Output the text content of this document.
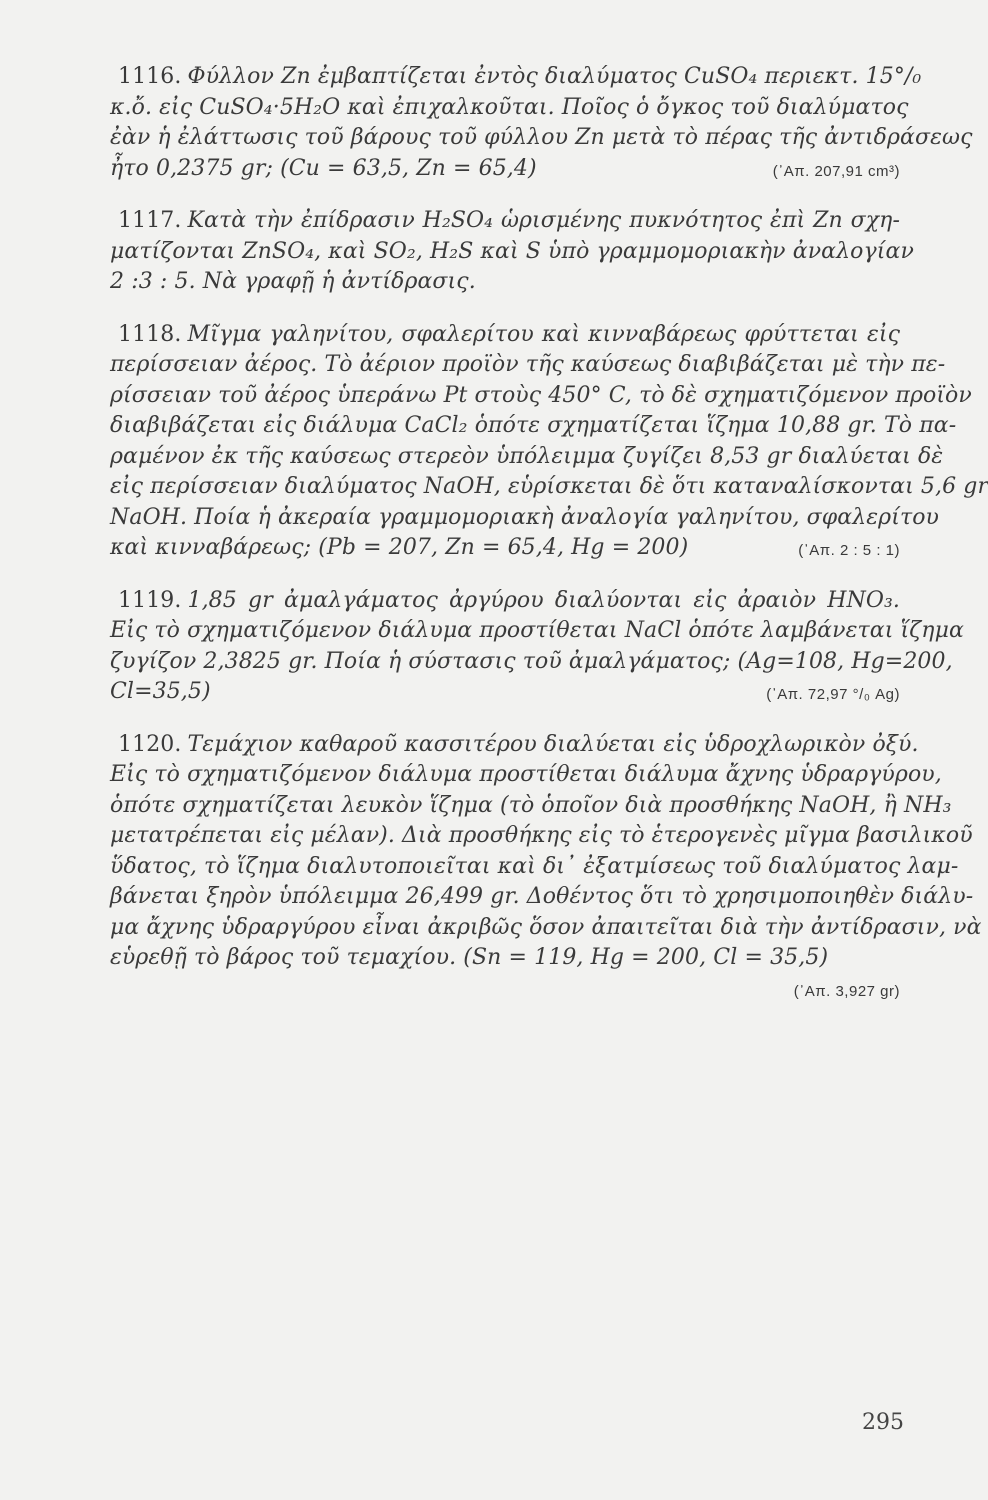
1116. Φύλλον Zn ἐμβαπτίζεται ἐντὸς διαλύματος CuSO₄ περιεκτ. 15°/₀
κ.ὄ. εἰς CuSO₄·5H₂O καὶ ἐπιχαλκοῦται. Ποῖος ὁ ὄγκος τοῦ διαλύματος
ἐὰν ἡ ἐλάττωσις τοῦ βάρους τοῦ φύλλου Zn μετὰ τὸ πέρας τῆς ἀντιδράσεως
ἦτο 0,2375 gr; (Cu = 63,5, Zn = 65,4)	(᾿Απ. 207,91 cm³)
1117. Κατὰ τὴν ἐπίδρασιν H₂SO₄ ὡρισμένης πυκνότητος ἐπὶ Zn σχη-
ματίζονται ZnSO₄, καὶ SO₂, H₂S καὶ S ὑπὸ γραμμομοριακὴν ἀναλογίαν
2 :3 : 5. Νὰ γραφῇ ἡ ἀντίδρασις.
1118. Μῖγμα γαληνίτου, σφαλερίτου καὶ κινναβάρεως φρύττεται εἰς
περίσσειαν ἀέρος. Τὸ ἀέριον προϊὸν τῆς καύσεως διαβιβάζεται μὲ τὴν πε-
ρίσσειαν τοῦ ἀέρος ὑπεράνω Pt στοὺς 450° C, τὸ δὲ σχηματιζόμενον προϊὸν
διαβιβάζεται εἰς διάλυμα CaCl₂ ὁπότε σχηματίζεται ἵζημα 10,88 gr. Τὸ πα-
ραμένον ἐκ τῆς καύσεως στερεὸν ὑπόλειμμα ζυγίζει 8,53 gr διαλύεται δὲ
εἰς περίσσειαν διαλύματος NaOH, εὑρίσκεται δὲ ὅτι καταναλίσκονται 5,6 gr
NaOH. Ποία ἡ ἀκεραία γραμμομοριακὴ ἀναλογία γαληνίτου, σφαλερίτου
καὶ κινναβάρεως; (Pb = 207, Zn = 65,4, Hg = 200)	(᾿Απ. 2 : 5 : 1)
1119. 1,85 gr ἀμαλγάματος ἀργύρου διαλύονται εἰς ἀραιὸν HNO₃.
Εἰς τὸ σχηματιζόμενον διάλυμα προστίθεται NaCl ὁπότε λαμβάνεται ἵζημα
ζυγίζον 2,3825 gr. Ποία ἡ σύστασις τοῦ ἀμαλγάματος; (Ag=108, Hg=200,
Cl=35,5)	(᾿Απ. 72,97 °/₀ Ag)
1120. Τεμάχιον καθαροῦ κασσιτέρου διαλύεται εἰς ὑδροχλωρικὸν ὀξύ.
Εἰς τὸ σχηματιζόμενον διάλυμα προστίθεται διάλυμα ἄχνης ὑδραργύρου,
ὁπότε σχηματίζεται λευκὸν ἵζημα (τὸ ὁποῖον διὰ προσθήκης NaOH, ἢ NH₃
μετατρέπεται εἰς μέλαν). Διὰ προσθήκης εἰς τὸ ἑτερογενὲς μῖγμα βασιλικοῦ
ὕδατος, τὸ ἵζημα διαλυτοποιεῖται καὶ δι᾿ ἐξατμίσεως τοῦ διαλύματος λαμ-
βάνεται ξηρὸν ὑπόλειμμα 26,499 gr. Δοθέντος ὅτι τὸ χρησιμοποιηθὲν διάλυ-
μα ἄχνης ὑδραργύρου εἶναι ἀκριβῶς ὅσον ἀπαιτεῖται διὰ τὴν ἀντίδρασιν, νὰ
εὑρεθῇ τὸ βάρος τοῦ τεμαχίου. (Sn = 119, Hg = 200, Cl = 35,5)
(᾿Απ. 3,927 gr)
295
